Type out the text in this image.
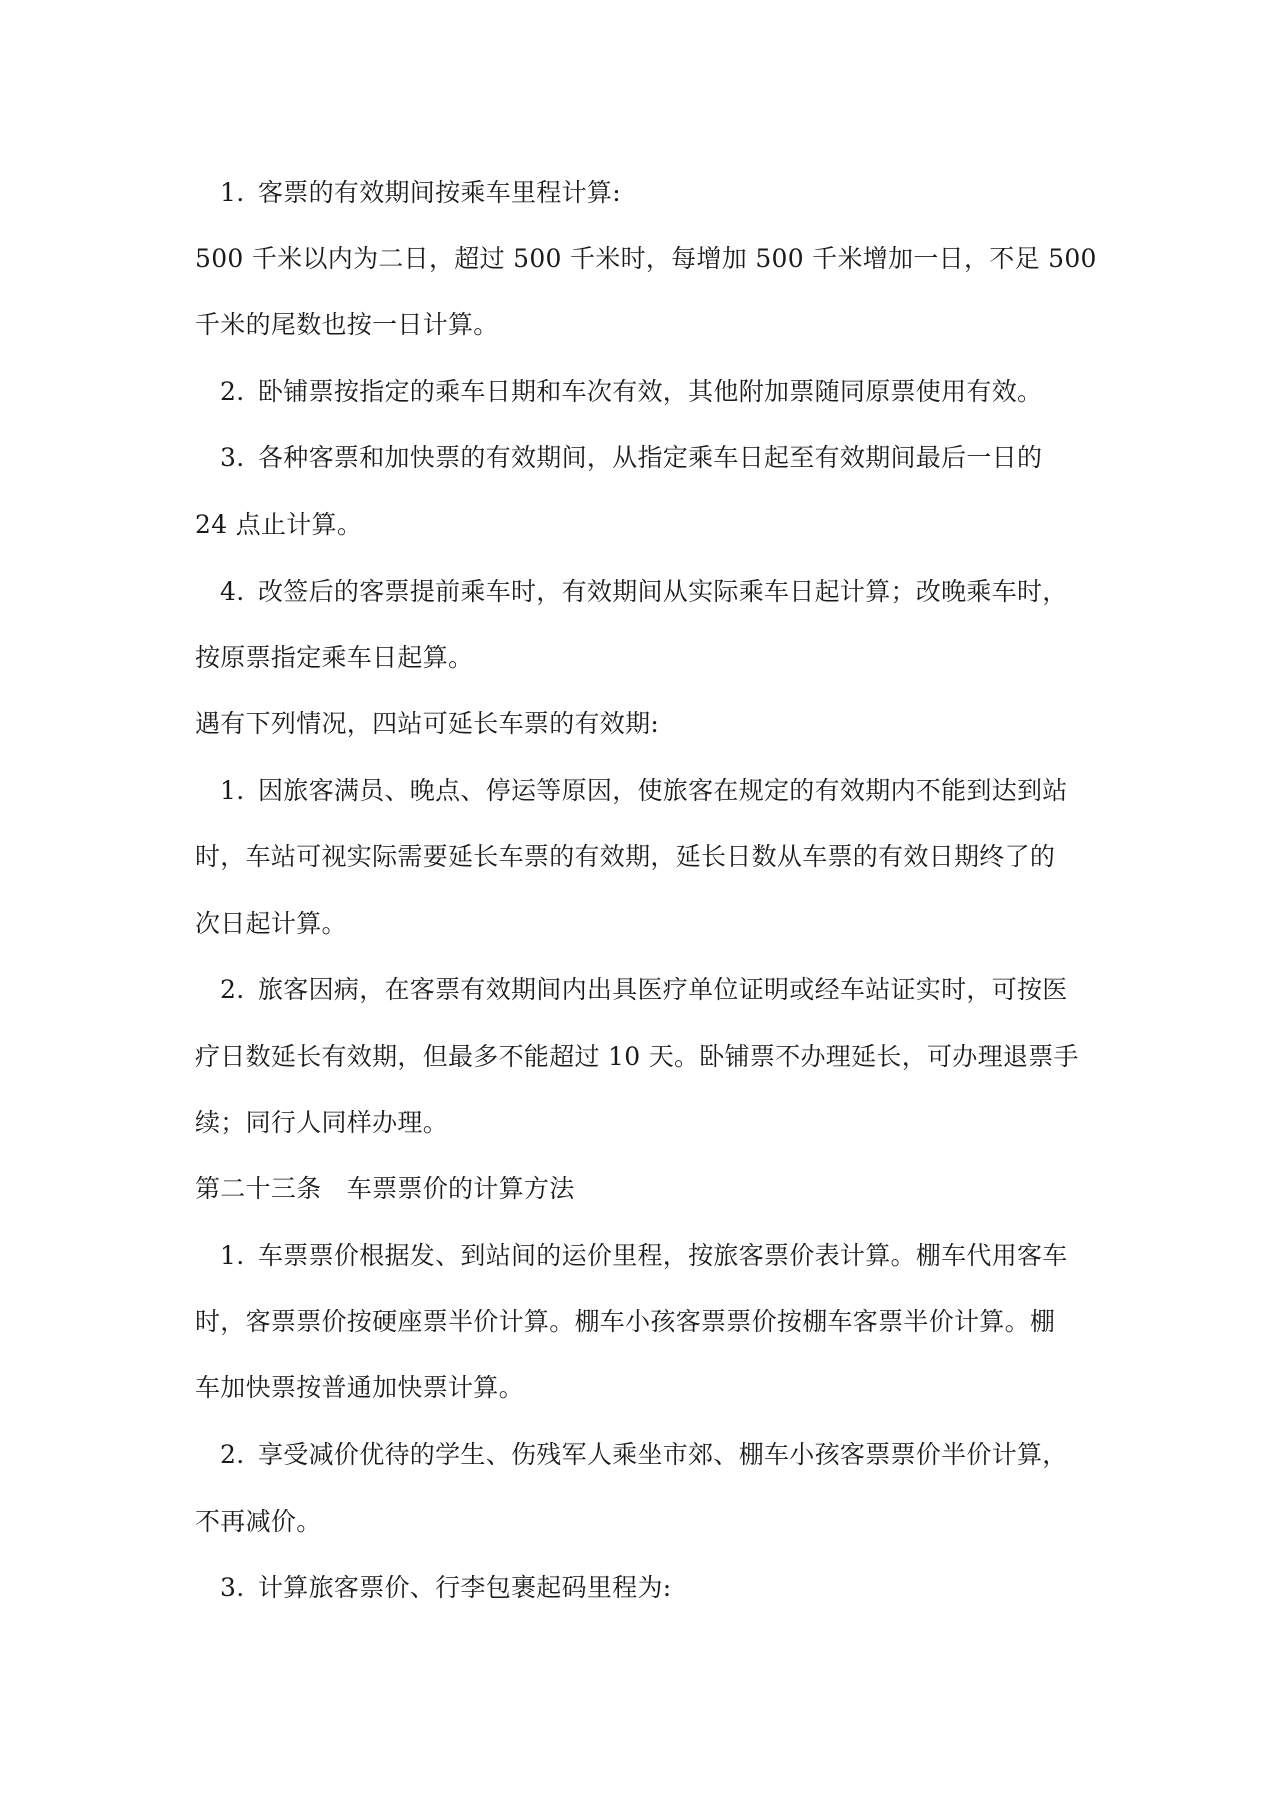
1. 客票的有效期间按乘车里程计算:
500 千米以内为二日，超过 500 千米时，每增加 500 千米增加一日，不足 500
千米的尾数也按一日计算。
2. 卧铺票按指定的乘车日期和车次有效，其他附加票随同原票使用有效。
3. 各种客票和加快票的有效期间，从指定乘车日起至有效期间最后一日的
24 点止计算。
4. 改签后的客票提前乘车时，有效期间从实际乘车日起计算；改晚乘车时，
按原票指定乘车日起算。
遇有下列情况，四站可延长车票的有效期:
1. 因旅客满员、晚点、停运等原因，使旅客在规定的有效期内不能到达到站
时，车站可视实际需要延长车票的有效期，延长日数从车票的有效日期终了的
次日起计算。
2. 旅客因病，在客票有效期间内出具医疗单位证明或经车站证实时，可按医
疗日数延长有效期，但最多不能超过 10 天。卧铺票不办理延长，可办理退票手
续；同行人同样办理。
第二十三条　车票票价的计算方法
1. 车票票价根据发、到站间的运价里程，按旅客票价表计算。棚车代用客车
时，客票票价按硬座票半价计算。棚车小孩客票票价按棚车客票半价计算。棚
车加快票按普通加快票计算。
2. 享受减价优待的学生、伤残军人乘坐市郊、棚车小孩客票票价半价计算，
不再减价。
3. 计算旅客票价、行李包裹起码里程为:
